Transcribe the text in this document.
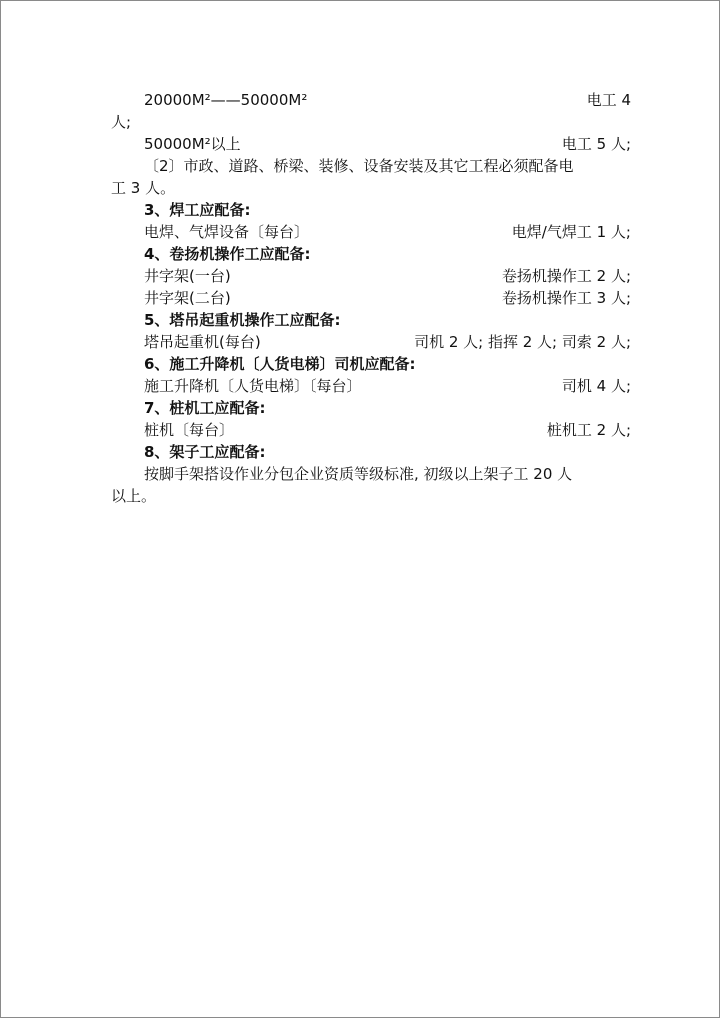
20000M²——50000M²	电工 4
人;
50000M²以上	电工 5 人;
〔2〕市政、道路、桥梁、装修、设备安装及其它工程必须配备电
工 3 人。
3、焊工应配备:
电焊、气焊设备〔每台〕	电焊/气焊工 1 人;
4、卷扬机操作工应配备:
井字架(一台)	卷扬机操作工 2 人;
井字架(二台)	卷扬机操作工 3 人;
5、塔吊起重机操作工应配备:
塔吊起重机(每台)	司机 2 人; 指挥 2 人; 司索 2 人;
6、施工升降机〔人货电梯〕司机应配备:
施工升降机〔人货电梯〕〔每台〕	司机 4 人;
7、桩机工应配备:
桩机〔每台〕	桩机工 2 人;
8、架子工应配备:
按脚手架搭设作业分包企业资质等级标准, 初级以上架子工 20 人
以上。
